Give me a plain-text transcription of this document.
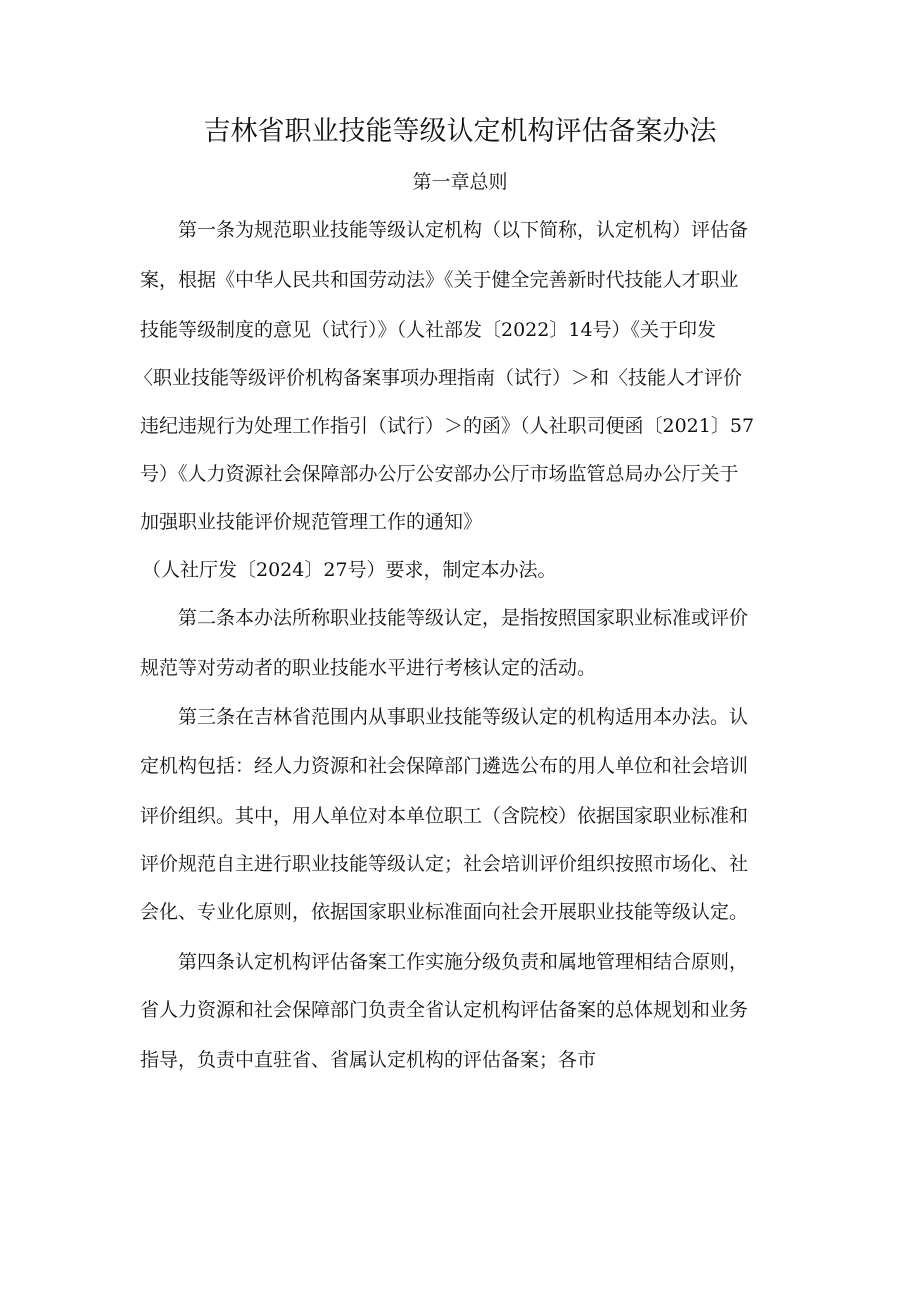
吉林省职业技能等级认定机构评估备案办法
第一章总则
第一条为规范职业技能等级认定机构（以下简称，认定机构）评估备
案，根据《中华人民共和国劳动法》《关于健全完善新时代技能人才职业
技能等级制度的意见（试行）》（人社部发〔2022〕14号）《关于印发
〈职业技能等级评价机构备案事项办理指南（试行）＞和〈技能人才评价
违纪违规行为处理工作指引（试行）＞的函》（人社职司便函〔2021〕57
号）《人力资源社会保障部办公厅公安部办公厅市场监管总局办公厅关于
加强职业技能评价规范管理工作的通知》
（人社厅发〔2024〕27号）要求，制定本办法。
第二条本办法所称职业技能等级认定，是指按照国家职业标准或评价
规范等对劳动者的职业技能水平进行考核认定的活动。
第三条在吉林省范围内从事职业技能等级认定的机构适用本办法。认
定机构包括：经人力资源和社会保障部门遴选公布的用人单位和社会培训
评价组织。其中，用人单位对本单位职工（含院校）依据国家职业标准和
评价规范自主进行职业技能等级认定；社会培训评价组织按照市场化、社
会化、专业化原则，依据国家职业标准面向社会开展职业技能等级认定。
第四条认定机构评估备案工作实施分级负责和属地管理相结合原则，
省人力资源和社会保障部门负责全省认定机构评估备案的总体规划和业务
指导，负责中直驻省、省属认定机构的评估备案；各市
